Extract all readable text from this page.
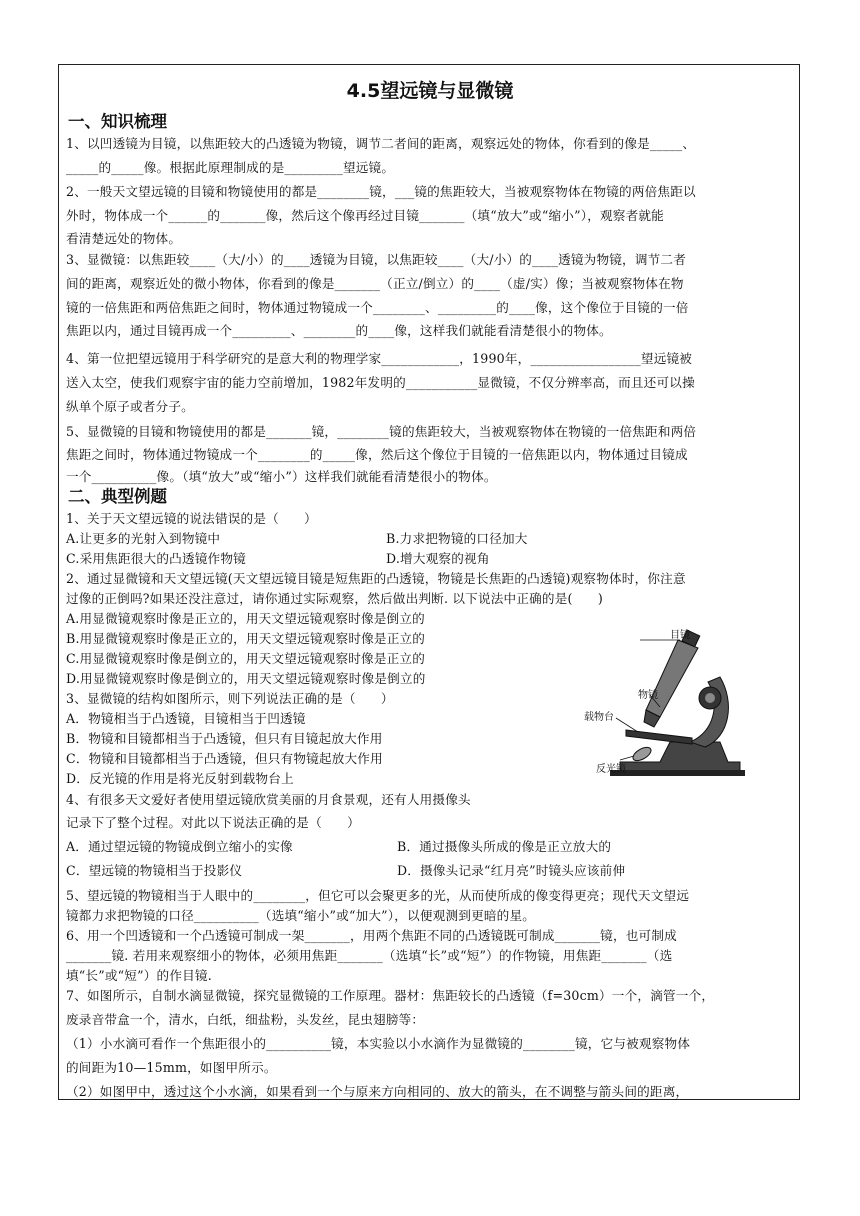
4.5望远镜与显微镜
一、知识梳理
1、以凹透镜为目镜，以焦距较大的凸透镜为物镜，调节二者间的距离，观察远处的物体，你看到的像是_____、
_____的_____像。根据此原理制成的是_________望远镜。
2、一般天文望远镜的目镜和物镜使用的都是________镜，___镜的焦距较大，当被观察物体在物镜的两倍焦距以
外时，物体成一个______的_______像，然后这个像再经过目镜_______（填“放大”或“缩小”），观察者就能
看清楚远处的物体。
3、显微镜：以焦距较____（大/小）的____透镜为目镜，以焦距较____（大/小）的____透镜为物镜，调节二者
间的距离，观察近处的微小物体，你看到的像是_______（正立/倒立）的____（虚/实）像；当被观察物体在物
镜的一倍焦距和两倍焦距之间时，物体通过物镜成一个________、_________的____像，这个像位于目镜的一倍
焦距以内，通过目镜再成一个_________、________的____像，这样我们就能看清楚很小的物体。
4、第一位把望远镜用于科学研究的是意大利的物理学家____________，1990年，_________________望远镜被
送入太空，使我们观察宇宙的能力空前增加，1982年发明的___________显微镜，不仅分辨率高，而且还可以操
纵单个原子或者分子。
5、显微镜的目镜和物镜使用的都是_______镜，________镜的焦距较大，当被观察物体在物镜的一倍焦距和两倍
焦距之间时，物体通过物镜成一个________的_____像，然后这个像位于目镜的一倍焦距以内，物体通过目镜成
一个__________像。（填“放大”或“缩小”）这样我们就能看清楚很小的物体。
二、典型例题
1、关于天文望远镜的说法错误的是（      ）
A.让更多的光射入到物镜中	B.力求把物镜的口径加大
C.采用焦距很大的凸透镜作物镜	D.增大观察的视角
2、通过显微镜和天文望远镜(天文望远镜目镜是短焦距的凸透镜，物镜是长焦距的凸透镜)观察物体时，你注意
过像的正倒吗?如果还没注意过，请你通过实际观察，然后做出判断. 以下说法中正确的是(      )
A.用显微镜观察时像是正立的，用天文望远镜观察时像是倒立的
B.用显微镜观察时像是正立的，用天文望远镜观察时像是正立的
C.用显微镜观察时像是倒立的，用天文望远镜观察时像是正立的
D.用显微镜观察时像是倒立的，用天文望远镜观察时像是倒立的
3、显微镜的结构如图所示，则下列说法正确的是（      ）
A．物镜相当于凸透镜，目镜相当于凹透镜
B．物镜和目镜都相当于凸透镜，但只有目镜起放大作用
C．物镜和目镜都相当于凸透镜，但只有物镜起放大作用
D．反光镜的作用是将光反射到载物台上
4、有很多天文爱好者使用望远镜欣赏美丽的月食景观，还有人用摄像头
记录下了整个过程。对此以下说法正确的是（      ）
A．通过望远镜的物镜成倒立缩小的实像	B．通过摄像头所成的像是正立放大的
C．望远镜的物镜相当于投影仪	D．摄像头记录“红月亮”时镜头应该前伸
5、望远镜的物镜相当于人眼中的________，但它可以会聚更多的光，从而使所成的像变得更亮；现代天文望远
镜都力求把物镜的口径__________（选填“缩小”或“加大”），以便观测到更暗的星。
6、用一个凹透镜和一个凸透镜可制成一架_______，用两个焦距不同的凸透镜既可制成_______镜，也可制成
_______镜. 若用来观察细小的物体，必须用焦距_______（选填“长”或“短”）的作物镜，用焦距_______（选
填“长”或“短”）的作目镜.
7、如图所示，自制水滴显微镜，探究显微镜的工作原理。器材：焦距较长的凸透镜（f=30cm）一个，滴管一个，
废录音带盒一个，清水，白纸，细盐粉，头发丝，昆虫翅膀等：
（1）小水滴可看作一个焦距很小的__________镜，本实验以小水滴作为显微镜的________镜，它与被观察物体
的间距为10—15mm，如图甲所示。
（2）如图甲中，透过这个小水滴，如果看到一个与原来方向相同的、放大的箭头，在不调整与箭头间的距离，
目镜
物镜
载物台
反光镜
